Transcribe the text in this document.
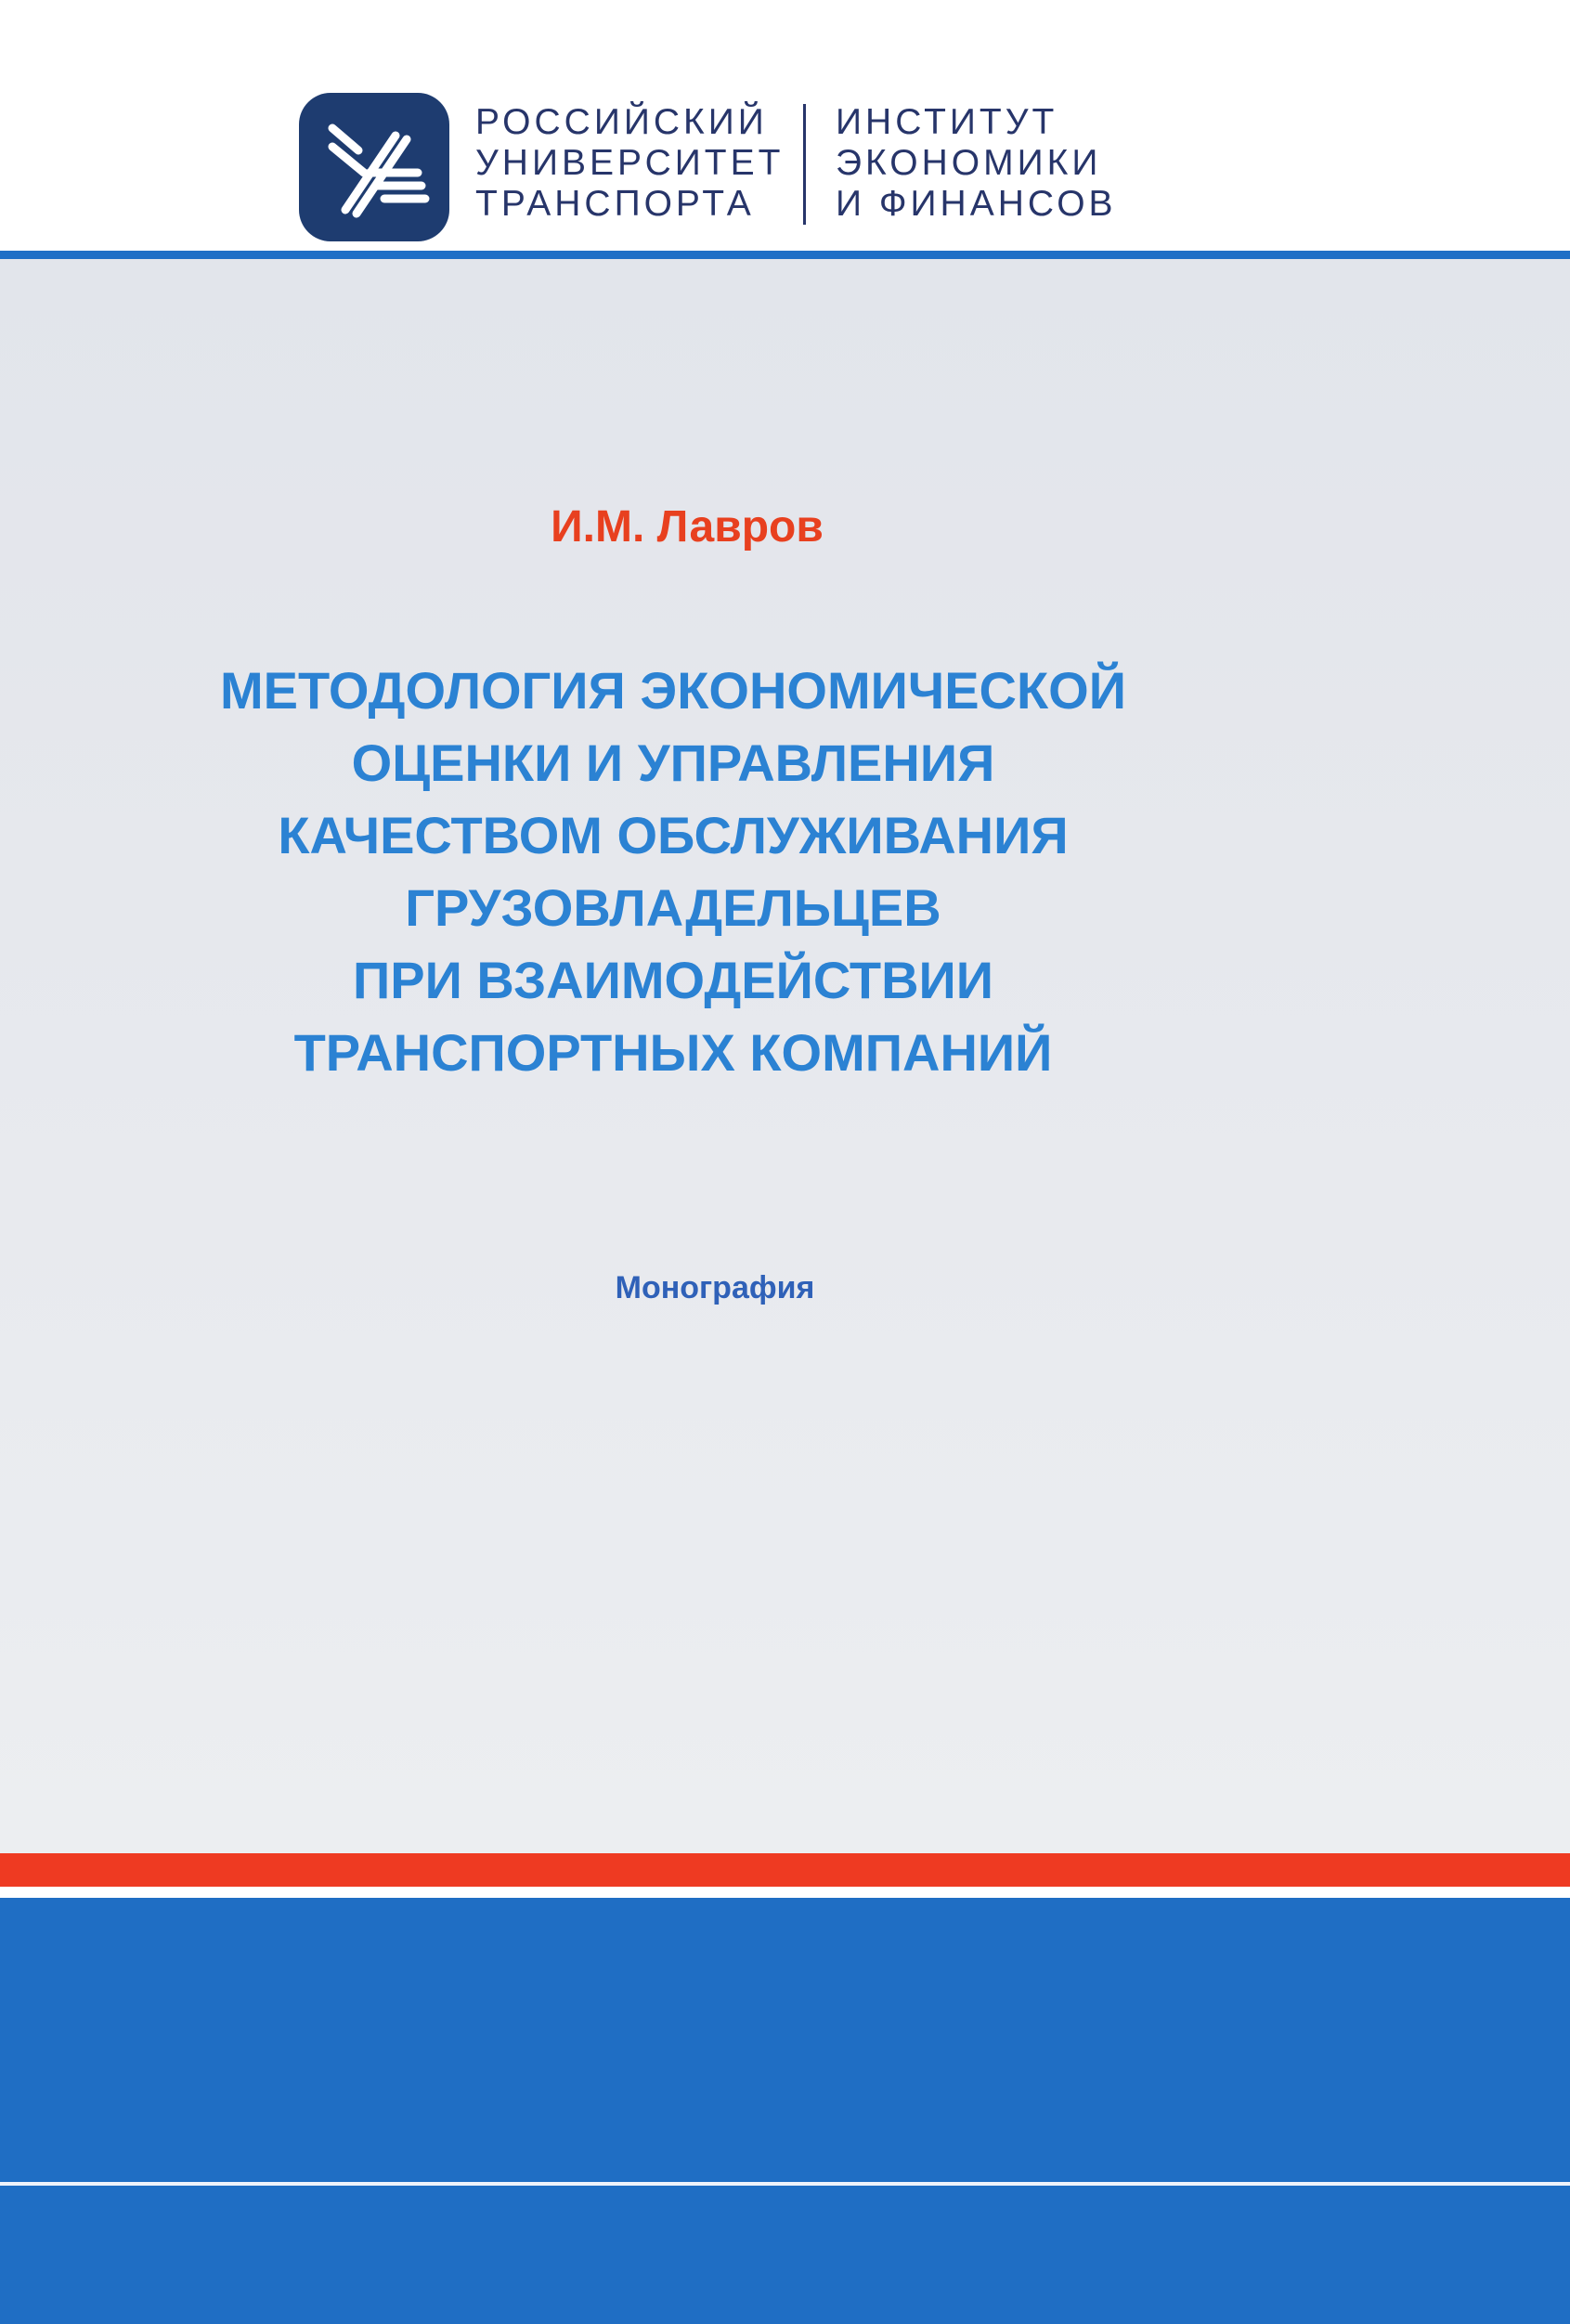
РОССИЙСКИЙ
УНИВЕРСИТЕТ
ТРАНСПОРТА
ИНСТИТУТ
ЭКОНОМИКИ
И ФИНАНСОВ
И.М. Лавров
МЕТОДОЛОГИЯ ЭКОНОМИЧЕСКОЙ
ОЦЕНКИ И УПРАВЛЕНИЯ
КАЧЕСТВОМ ОБСЛУЖИВАНИЯ
ГРУЗОВЛАДЕЛЬЦЕВ
ПРИ ВЗАИМОДЕЙСТВИИ
ТРАНСПОРТНЫХ КОМПАНИЙ
Монография
